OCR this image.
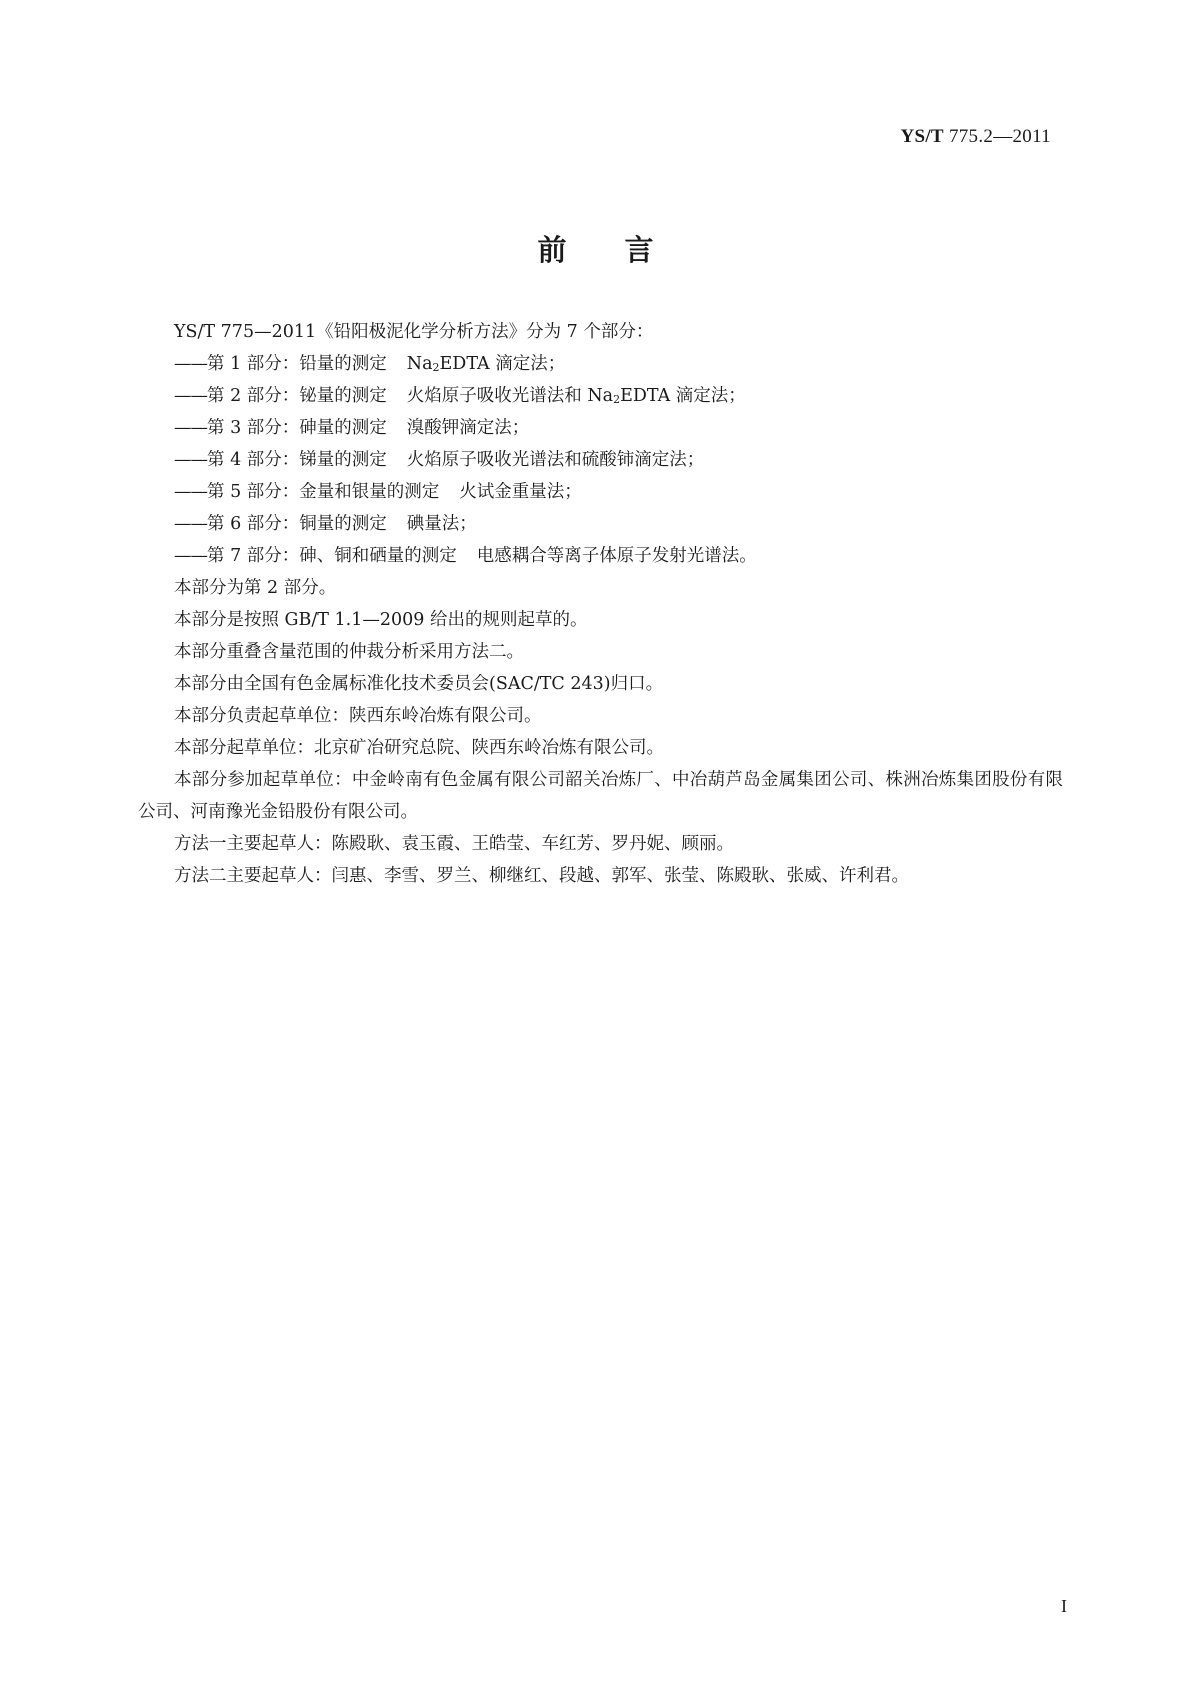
YS/T 775.2—2011
前言

YS/T 775—2011《铅阳极泥化学分析方法》分为 7 个部分：

——第 1 部分：铅量的测定 $Na_2EDTA$ 滴定法；

——第 2 部分：铋量的测定 火焰原子吸收光谱法和 $Na_2EDTA$ 滴定法；

——第 3 部分：砷量的测定 溴酸钾滴定法；

——第 4 部分：锑量的测定 火焰原子吸收光谱法和硫酸铈滴定法；

——第 5 部分：金量和银量的测定 火试金重量法；

——第 6 部分：铜量的测定 碘量法；

——第 7 部分：砷、铜和硒量的测定 电感耦合等离子体原子发射光谱法。

本部分为第 2 部分。

本部分是按照 GB/T 1.1—2009 给出的规则起草的。

本部分重叠含量范围的仲裁分析采用方法二。

本部分由全国有色金属标准化技术委员会(SAC/TC 243)归口。

本部分负责起草单位：陕西东岭冶炼有限公司。

本部分起草单位：北京矿冶研究总院、陕西东岭冶炼有限公司。

本部分参加起草单位：中金岭南有色金属有限公司韶关冶炼厂、中冶葫芦岛金属集团公司、株洲冶炼集团股份有限公司、河南豫光金铅股份有限公司。

方法一主要起草人：陈殿耿、袁玉霞、王皓莹、车红芳、罗丹妮、顾丽。

方法二主要起草人：闫惠、李雪、罗兰、柳继红、段越、郭军、张莹、陈殿耿、张威、许利君。

I
